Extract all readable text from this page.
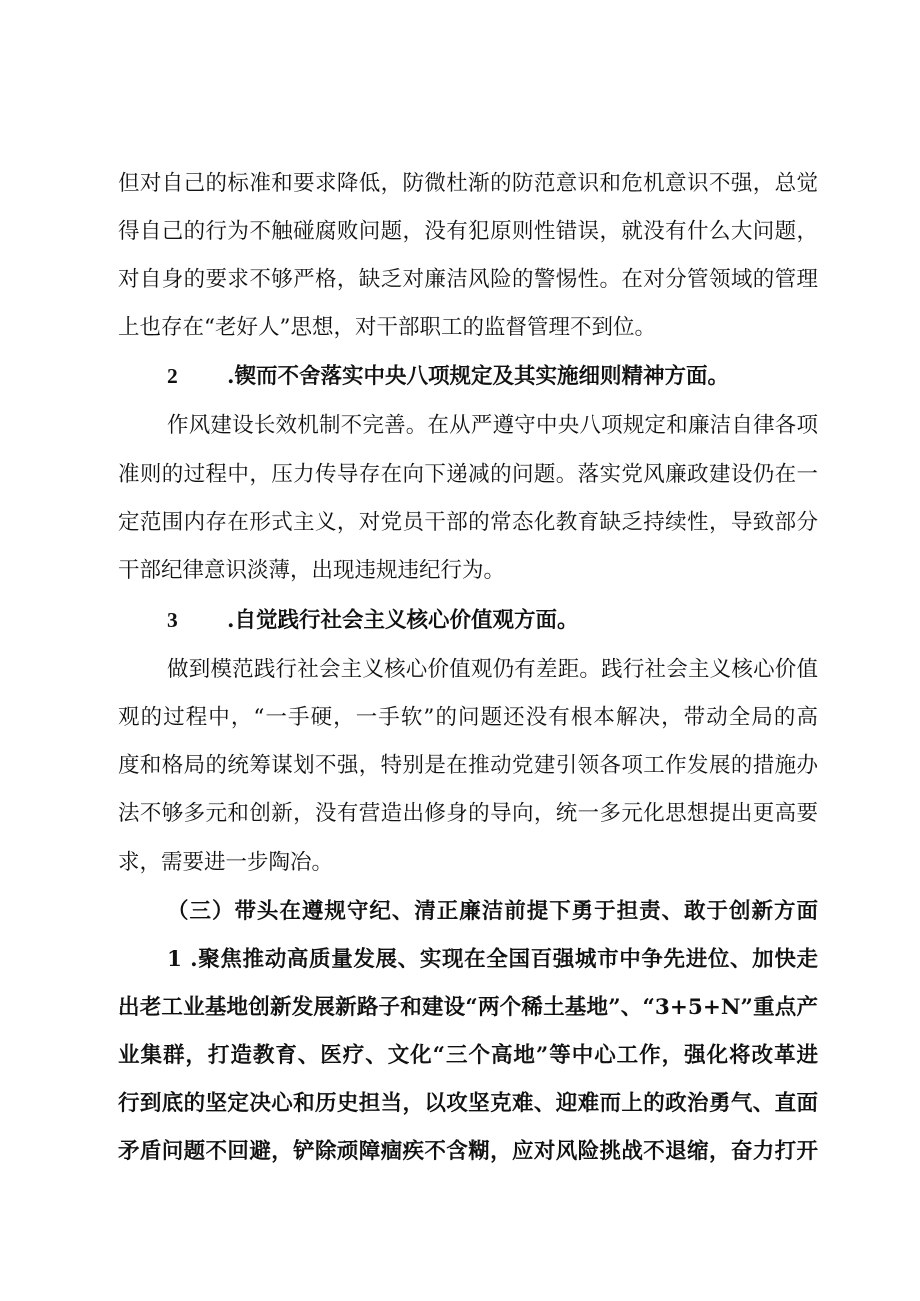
但对自己的标准和要求降低，防微杜渐的防范意识和危机意识不强，总觉
得自己的行为不触碰腐败问题，没有犯原则性错误，就没有什么大问题，
对自身的要求不够严格，缺乏对廉洁风险的警惕性。在对分管领域的管理
上也存在“老好人”思想，对干部职工的监督管理不到位。
2 .锲而不舍落实中央八项规定及其实施细则精神方面。
作风建设长效机制不完善。在从严遵守中央八项规定和廉洁自律各项
准则的过程中，压力传导存在向下递减的问题。落实党风廉政建设仍在一
定范围内存在形式主义，对党员干部的常态化教育缺乏持续性，导致部分
干部纪律意识淡薄，出现违规违纪行为。
3 .自觉践行社会主义核心价值观方面。
做到模范践行社会主义核心价值观仍有差距。践行社会主义核心价值
观的过程中，“一手硬，一手软”的问题还没有根本解决，带动全局的高
度和格局的统筹谋划不强，特别是在推动党建引领各项工作发展的措施办
法不够多元和创新，没有营造出修身的导向，统一多元化思想提出更高要
求，需要进一步陶冶。
（三）带头在遵规守纪、清正廉洁前提下勇于担责、敢于创新方面
1 .聚焦推动高质量发展、实现在全国百强城市中争先进位、加快走
出老工业基地创新发展新路子和建设“两个稀土基地”、“3+5+N”重点产
业集群，打造教育、医疗、文化“三个高地”等中心工作，强化将改革进
行到底的坚定决心和历史担当，以攻坚克难、迎难而上的政治勇气、直面
矛盾问题不回避，铲除顽障痼疾不含糊，应对风险挑战不退缩，奋力打开
